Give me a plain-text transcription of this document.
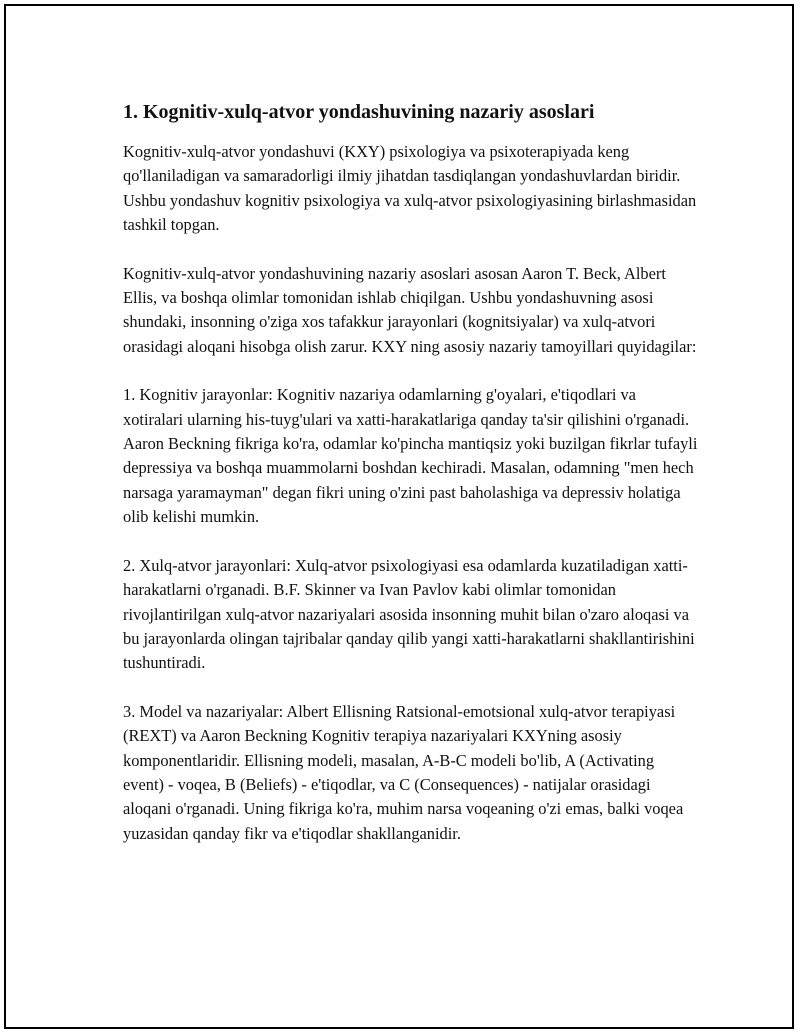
1. Kognitiv-xulq-atvor yondashuvining nazariy asoslari

Kognitiv-xulq-atvor yondashuvi (KXY) psixologiya va psixoterapiyada keng qo'llaniladigan va samaradorligi ilmiy jihatdan tasdiqlangan yondashuvlardan biridir. Ushbu yondashuv kognitiv psixologiya va xulq-atvor psixologiyasining birlashmasidan tashkil topgan.

Kognitiv-xulq-atvor yondashuvining nazariy asoslari asosan Aaron T. Beck, Albert Ellis, va boshqa olimlar tomonidan ishlab chiqilgan. Ushbu yondashuvning asosi shundaki, insonning o'ziga xos tafakkur jarayonlari (kognitsiyalar) va xulq-atvori orasidagi aloqani hisobga olish zarur. KXY ning asosiy nazariy tamoyillari quyidagilar:

1. Kognitiv jarayonlar: Kognitiv nazariya odamlarning g'oyalari, e'tiqodlari va xotiralari ularning his-tuyg'ulari va xatti-harakatlariga qanday ta'sir qilishini o'rganadi. Aaron Beckning fikriga ko'ra, odamlar ko'pincha mantiqsiz yoki buzilgan fikrlar tufayli depressiya va boshqa muammolarni boshdan kechiradi. Masalan, odamning "men hech narsaga yaramayman" degan fikri uning o'zini past baholashiga va depressiv holatiga olib kelishi mumkin.

2. Xulq-atvor jarayonlari: Xulq-atvor psixologiyasi esa odamlarda kuzatiladigan xatti-harakatlarni o'rganadi. B.F. Skinner va Ivan Pavlov kabi olimlar tomonidan rivojlantirilgan xulq-atvor nazariyalari asosida insonning muhit bilan o'zaro aloqasi va bu jarayonlarda olingan tajribalar qanday qilib yangi xatti-harakatlarni shakllantirishini tushuntiradi.

3. Model va nazariyalar: Albert Ellisning Ratsional-emotsional xulq-atvor terapiyasi (REXT) va Aaron Beckning Kognitiv terapiya nazariyalari KXYning asosiy komponentlaridir. Ellisning modeli, masalan, A-B-C modeli bo'lib, A (Activating event) - voqea, B (Beliefs) - e'tiqodlar, va C (Consequences) - natijalar orasidagi aloqani o'rganadi. Uning fikriga ko'ra, muhim narsa voqeaning o'zi emas, balki voqea yuzasidan qanday fikr va e'tiqodlar shakllanganidir.
